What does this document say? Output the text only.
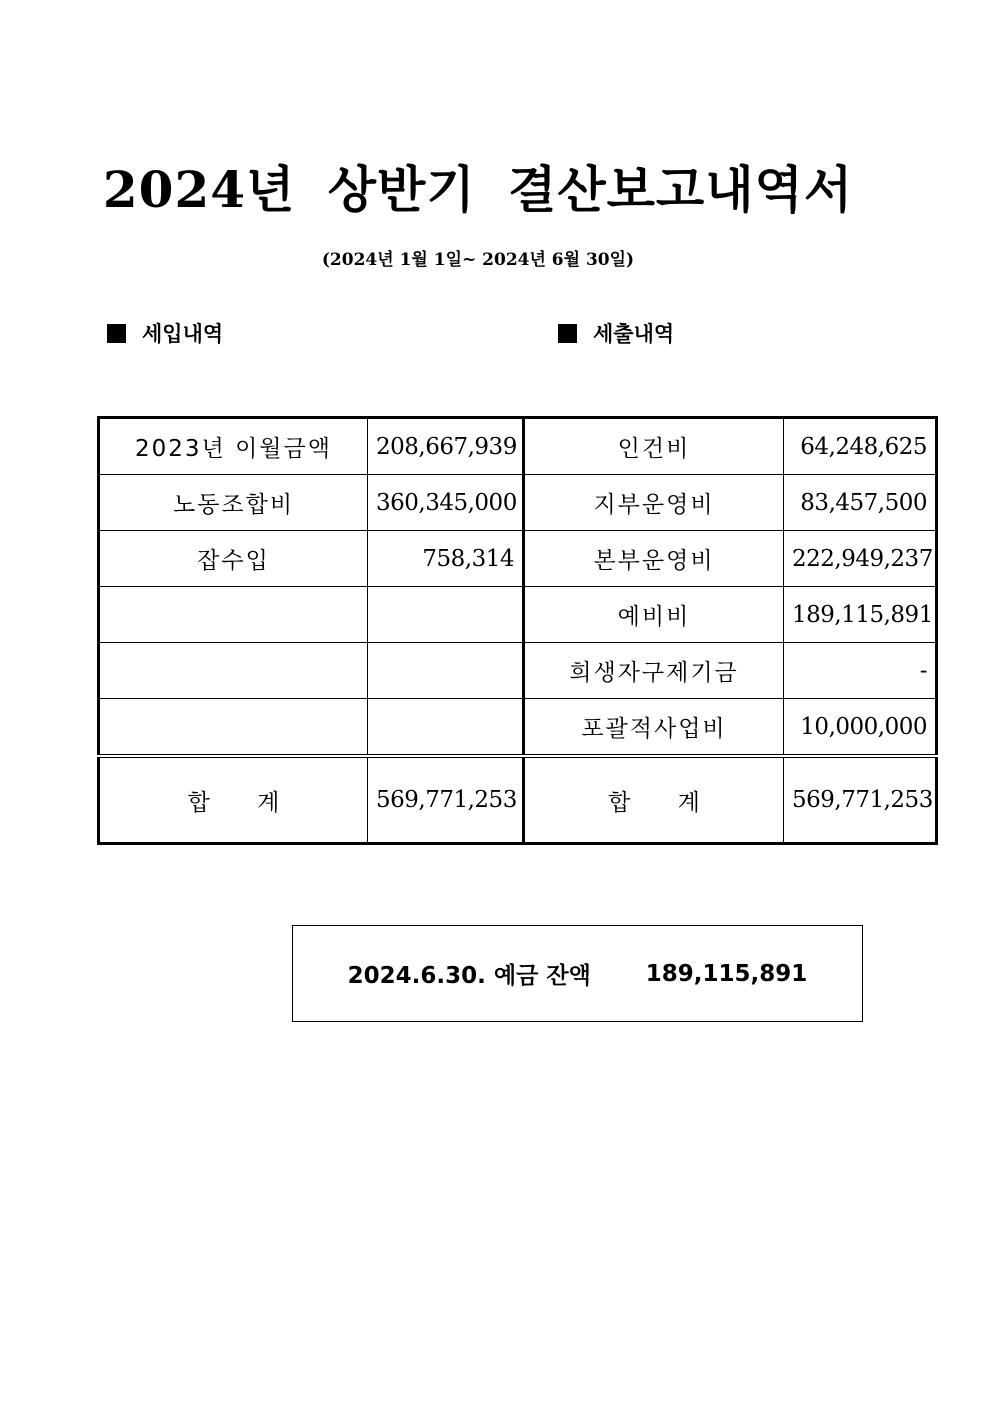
2024년 상반기 결산보고내역서
(2024년 1월 1일~ 2024년 6월 30일)
세입내역	세출내역
2023년 이월금액	208,667,939	인건비	64,248,625
노동조합비	360,345,000	지부운영비	83,457,500
잡수입	758,314	본부운영비	222,949,237
		예비비	189,115,891
		희생자구제기금	-
		포괄적사업비	10,000,000
합 계	569,771,253	합 계	569,771,253
2024.6.30. 예금 잔액 189,115,891
